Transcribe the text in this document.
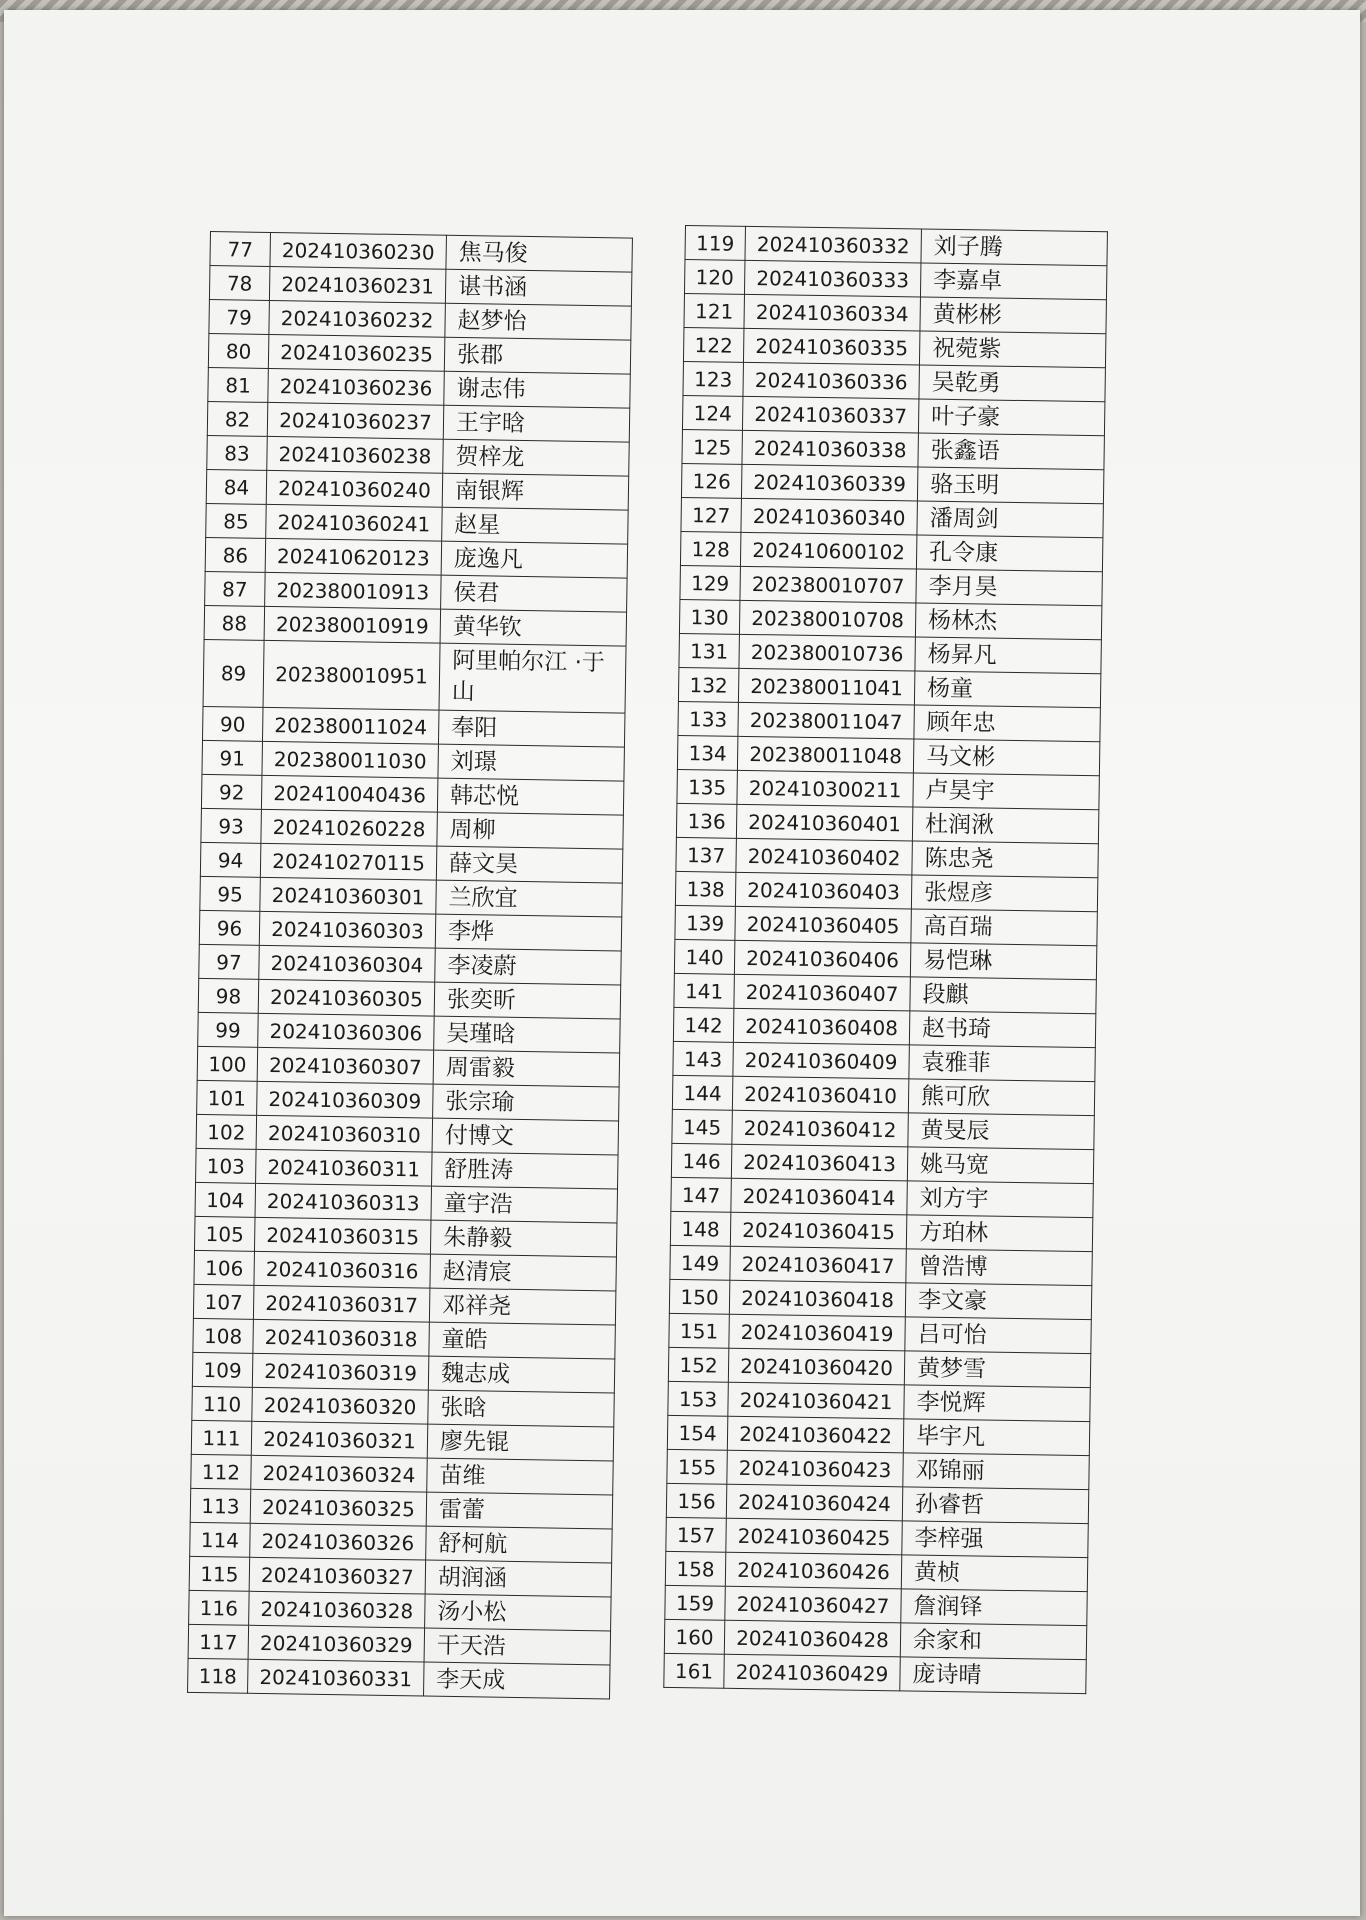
77	202410360230	焦马俊
78	202410360231	谌书涵
79	202410360232	赵梦怡
80	202410360235	张郡
81	202410360236	谢志伟
82	202410360237	王宇晗
83	202410360238	贺梓龙
84	202410360240	南银辉
85	202410360241	赵星
86	202410620123	庞逸凡
87	202380010913	侯君
88	202380010919	黄华钦
89	202380010951	阿里帕尔江 ·于山
90	202380011024	奉阳
91	202380011030	刘璟
92	202410040436	韩芯悦
93	202410260228	周柳
94	202410270115	薛文昊
95	202410360301	兰欣宜
96	202410360303	李烨
97	202410360304	李凌蔚
98	202410360305	张奕昕
99	202410360306	吴瑾晗
100	202410360307	周雷毅
101	202410360309	张宗瑜
102	202410360310	付博文
103	202410360311	舒胜涛
104	202410360313	童宇浩
105	202410360315	朱静毅
106	202410360316	赵清宸
107	202410360317	邓祥尧
108	202410360318	童皓
109	202410360319	魏志成
110	202410360320	张晗
111	202410360321	廖先锟
112	202410360324	苗维
113	202410360325	雷蕾
114	202410360326	舒柯航
115	202410360327	胡润涵
116	202410360328	汤小松
117	202410360329	干天浩
118	202410360331	李天成
119	202410360332	刘子腾
120	202410360333	李嘉卓
121	202410360334	黄彬彬
122	202410360335	祝菀紫
123	202410360336	吴乾勇
124	202410360337	叶子豪
125	202410360338	张鑫语
126	202410360339	骆玉明
127	202410360340	潘周剑
128	202410600102	孔令康
129	202380010707	李月昊
130	202380010708	杨林杰
131	202380010736	杨昇凡
132	202380011041	杨童
133	202380011047	顾年忠
134	202380011048	马文彬
135	202410300211	卢昊宇
136	202410360401	杜润湫
137	202410360402	陈忠尧
138	202410360403	张煜彦
139	202410360405	高百瑞
140	202410360406	易恺琳
141	202410360407	段麒
142	202410360408	赵书琦
143	202410360409	袁雅菲
144	202410360410	熊可欣
145	202410360412	黄旻辰
146	202410360413	姚马宽
147	202410360414	刘方宇
148	202410360415	方珀林
149	202410360417	曾浩博
150	202410360418	李文豪
151	202410360419	吕可怡
152	202410360420	黄梦雪
153	202410360421	李悦辉
154	202410360422	毕宇凡
155	202410360423	邓锦丽
156	202410360424	孙睿哲
157	202410360425	李梓强
158	202410360426	黄桢
159	202410360427	詹润铎
160	202410360428	余家和
161	202410360429	庞诗晴
